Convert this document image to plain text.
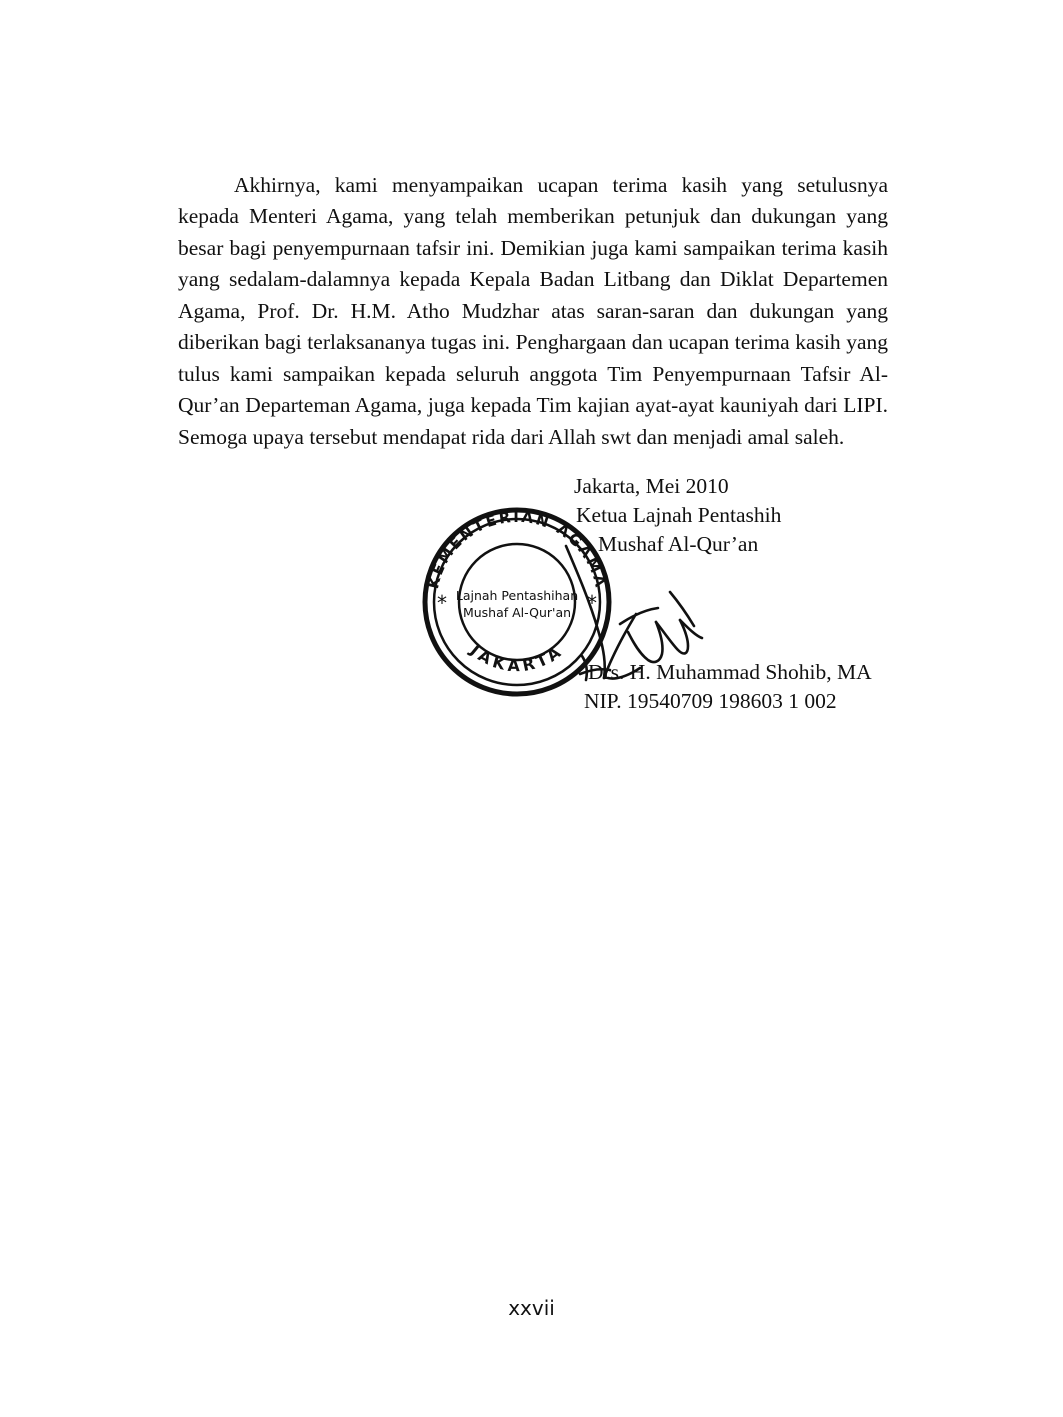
Akhirnya, kami menyampaikan ucapan terima kasih yang setulusnya kepada Menteri Agama, yang telah memberikan petunjuk dan dukungan yang besar bagi penyempurnaan tafsir ini. Demikian juga kami sampaikan terima kasih yang sedalam-dalamnya kepada Kepala Badan Litbang dan Diklat Departemen Agama, Prof. Dr. H.M. Atho Mudzhar atas saran-saran dan dukungan yang diberikan bagi terlaksananya tugas ini. Penghargaan dan ucapan terima kasih yang tulus kami sampaikan kepada seluruh anggota Tim Penyempurnaan Tafsir Al-Qur’an Departeman Agama, juga kepada Tim kajian ayat-ayat kauniyah dari LIPI. Semoga upaya tersebut mendapat rida dari Allah swt dan menjadi amal saleh.

Jakarta, Mei 2010
Ketua Lajnah Pentashih
Mushaf Al-Qur’an
KEMENTERIAN AGAMA
JAKARTA
Lajnah Pentashihan
Mushaf Al-Qur'an
*	*
Drs. H. Muhammad Shohib, MA
NIP. 19540709 198603 1 002
xxvii
